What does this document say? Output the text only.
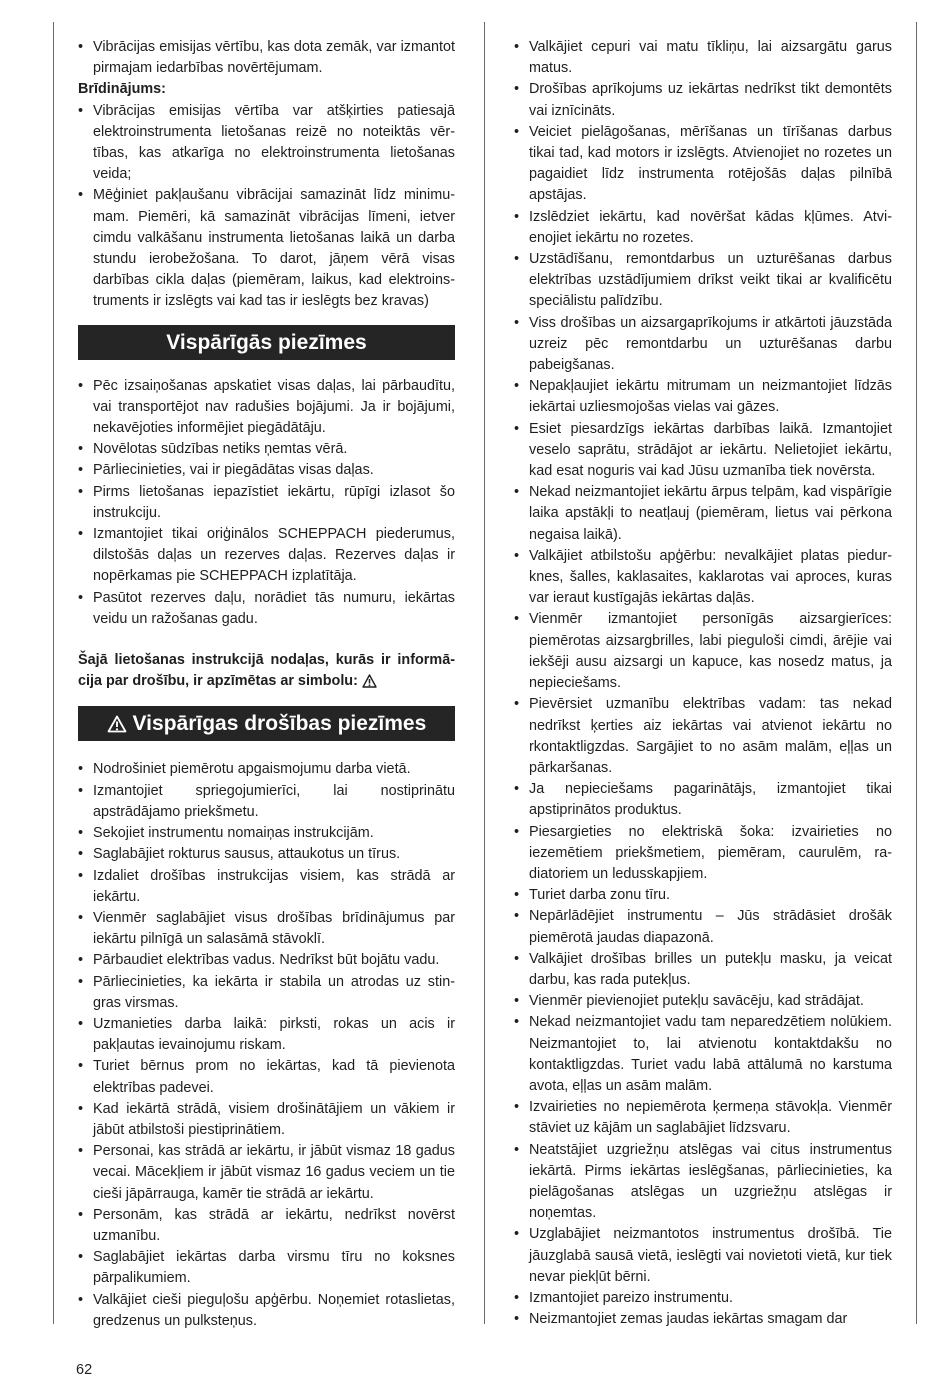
• Vibrācijas emisijas vērtību, kas dota zemāk, var izmantot pirmajam iedarbības novērtējumam.
Brīdinājums:
• Vibrācijas emisijas vērtība var atšķirties patiesajā elektroinstrumenta lietošanas reizē no noteiktās vērtības, kas atkarīga no elektroinstrumenta lietošanas veida;
• Mēģiniet pakļaušanu vibrācijai samazināt līdz minimumam. Piemēri, kā samazināt vibrācijas līmeni, ietver cimdu valkāšanu instrumenta lietošanas laikā un darba stundu ierobežošana. To darot, jāņem vērā visas darbības cikla daļas (piemēram, laikus, kad elektroinstruments ir izslēgts vai kad tas ir ieslēgts bez kravas)
Vispārīgās piezīmes
• Pēc izsaiņošanas apskatiet visas daļas, lai pārbaudītu, vai transportējot nav radušies bojājumi. Ja ir bojājumi, nekavējoties informējiet piegādātāju.
• Novēlotas sūdzības netiks ņemtas vērā.
• Pārliecinieties, vai ir piegādātas visas daļas.
• Pirms lietošanas iepazīstiet iekārtu, rūpīgi izlasot šo instrukciju.
• Izmantojiet tikai oriģinālos SCHEPPACH piederumus, dilstošās daļas un rezerves daļas. Rezerves daļas ir nopērkamas pie SCHEPPACH izplatītāja.
• Pasūtot rezerves daļu, norādiet tās numuru, iekārtas veidu un ražošanas gadu.
Šajā lietošanas instrukcijā nodaļas, kurās ir informācija par drošību, ir apzīmētas ar simbolu:
Vispārīgas drošības piezīmes
• Nodrošiniet piemērotu apgaismojumu darba vietā.
• Izmantojiet spriegojumierīci, lai nostiprinātu apstrādājamo priekšmetu.
• Sekojiet instrumentu nomaiņas instrukcijām.
• Saglabājiet rokturus sausus, attaukotus un tīrus.
• Izdaliet drošības instrukcijas visiem, kas strādā ar iekārtu.
• Vienmēr saglabājiet visus drošības brīdinājumus par iekārtu pilnīgā un salasāmā stāvoklī.
• Pārbaudiet elektrības vadus. Nedrīkst būt bojātu vadu.
• Pārliecinieties, ka iekārta ir stabila un atrodas uz stingras virsmas.
• Uzmanieties darba laikā: pirksti, rokas un acis ir pakļautas ievainojumu riskam.
• Turiet bērnus prom no iekārtas, kad tā pievienota elektrības padevei.
• Kad iekārtā strādā, visiem drošinātājiem un vākiem ir jābūt atbilstoši piestiprinātiem.
• Personai, kas strādā ar iekārtu, ir jābūt vismaz 18 gadus vecai. Mācekļiem ir jābūt vismaz 16 gadus veciem un tie cieši jāpārrauga, kamēr tie strādā ar iekārtu.
• Personām, kas strādā ar iekārtu, nedrīkst novērst uzmanību.
• Saglabājiet iekārtas darba virsmu tīru no koksnes pārpalikumiem.
• Valkājiet cieši pieguļošu apģērbu. Noņemiet rotaslietas, gredzenus un pulksteņus.
• Valkājiet cepuri vai matu tīkliņu, lai aizsargātu garus matus.
• Drošības aprīkojums uz iekārtas nedrīkst tikt demontēts vai iznīcināts.
• Veiciet pielāgošanas, mērīšanas un tīrīšanas darbus tikai tad, kad motors ir izslēgts. Atvienojiet no rozetes un pagaidiet līdz instrumenta rotējošās daļas pilnībā apstājas.
• Izslēdziet iekārtu, kad novēršat kādas kļūmes. Atvienojiet iekārtu no rozetes.
• Uzstādīšanu, remontdarbus un uzturēšanas darbus elektrības uzstādījumiem drīkst veikt tikai ar kvalificētu speciālistu palīdzību.
• Viss drošības un aizsargaprīkojums ir atkārtoti jāuzstāda uzreiz pēc remontdarbu un uzturēšanas darbu pabeigšanas.
• Nepakļaujiet iekārtu mitrumam un neizmantojiet līdzās iekārtai uzliesmojošas vielas vai gāzes.
• Esiet piesardzīgs iekārtas darbības laikā. Izmantojiet veselo saprātu, strādājot ar iekārtu. Nelietojiet iekārtu, kad esat noguris vai kad Jūsu uzmanība tiek novērsta.
• Nekad neizmantojiet iekārtu ārpus telpām, kad vispārīgie laika apstākļi to neatļauj (piemēram, lietus vai pērkona negaisa laikā).
• Valkājiet atbilstošu apģērbu: nevalkājiet platas piedurknes, šalles, kaklasaites, kaklarotas vai aproces, kuras var ieraut kustīgajās iekārtas daļās.
• Vienmēr izmantojiet personīgās aizsargierīces: piemērotas aizsargbrilles, labi pieguloši cimdi, ārējie vai iekšēji ausu aizsargi un kapuce, kas nosedz matus, ja nepieciešams.
• Pievērsiet uzmanību elektrības vadam: tas nekad nedrīkst ķerties aiz iekārtas vai atvienot iekārtu no rkontaktligzdas. Sargājiet to no asām malām, eļļas un pārkaršanas.
• Ja nepieciešams pagarinātājs, izmantojiet tikai apstiprinātos produktus.
• Piesargieties no elektriskā šoka: izvairieties no iezemētiem priekšmetiem, piemēram, caurulēm, radiatoriem un ledusskapjiem.
• Turiet darba zonu tīru.
• Nepārlādējiet instrumentu – Jūs strādāsiet drošāk piemērotā jaudas diapazonā.
• Valkājiet drošības brilles un putekļu masku, ja veicat darbu, kas rada putekļus.
• Vienmēr pievienojiet putekļu savācēju, kad strādājat.
• Nekad neizmantojiet vadu tam neparedzētiem nolūkiem. Neizmantojiet to, lai atvienotu kontaktdakšu no kontaktligzdas. Turiet vadu labā attālumā no karstuma avota, eļļas un asām malām.
• Izvairieties no nepiemērota ķermeņa stāvokļa. Vienmēr stāviet uz kājām un saglabājiet līdzsvaru.
• Neatstājiet uzgriežņu atslēgas vai citus instrumentus iekārtā. Pirms iekārtas ieslēgšanas, pārliecinieties, ka pielāgošanas atslēgas un uzgriežņu atslēgas ir noņemtas.
• Uzglabājiet neizmantotos instrumentus drošībā. Tie jāuzglabā sausā vietā, ieslēgti vai novietoti vietā, kur tiek nevar piekļūt bērni.
• Izmantojiet pareizo instrumentu.
• Neizmantojiet zemas jaudas iekārtas smagam dar
62
